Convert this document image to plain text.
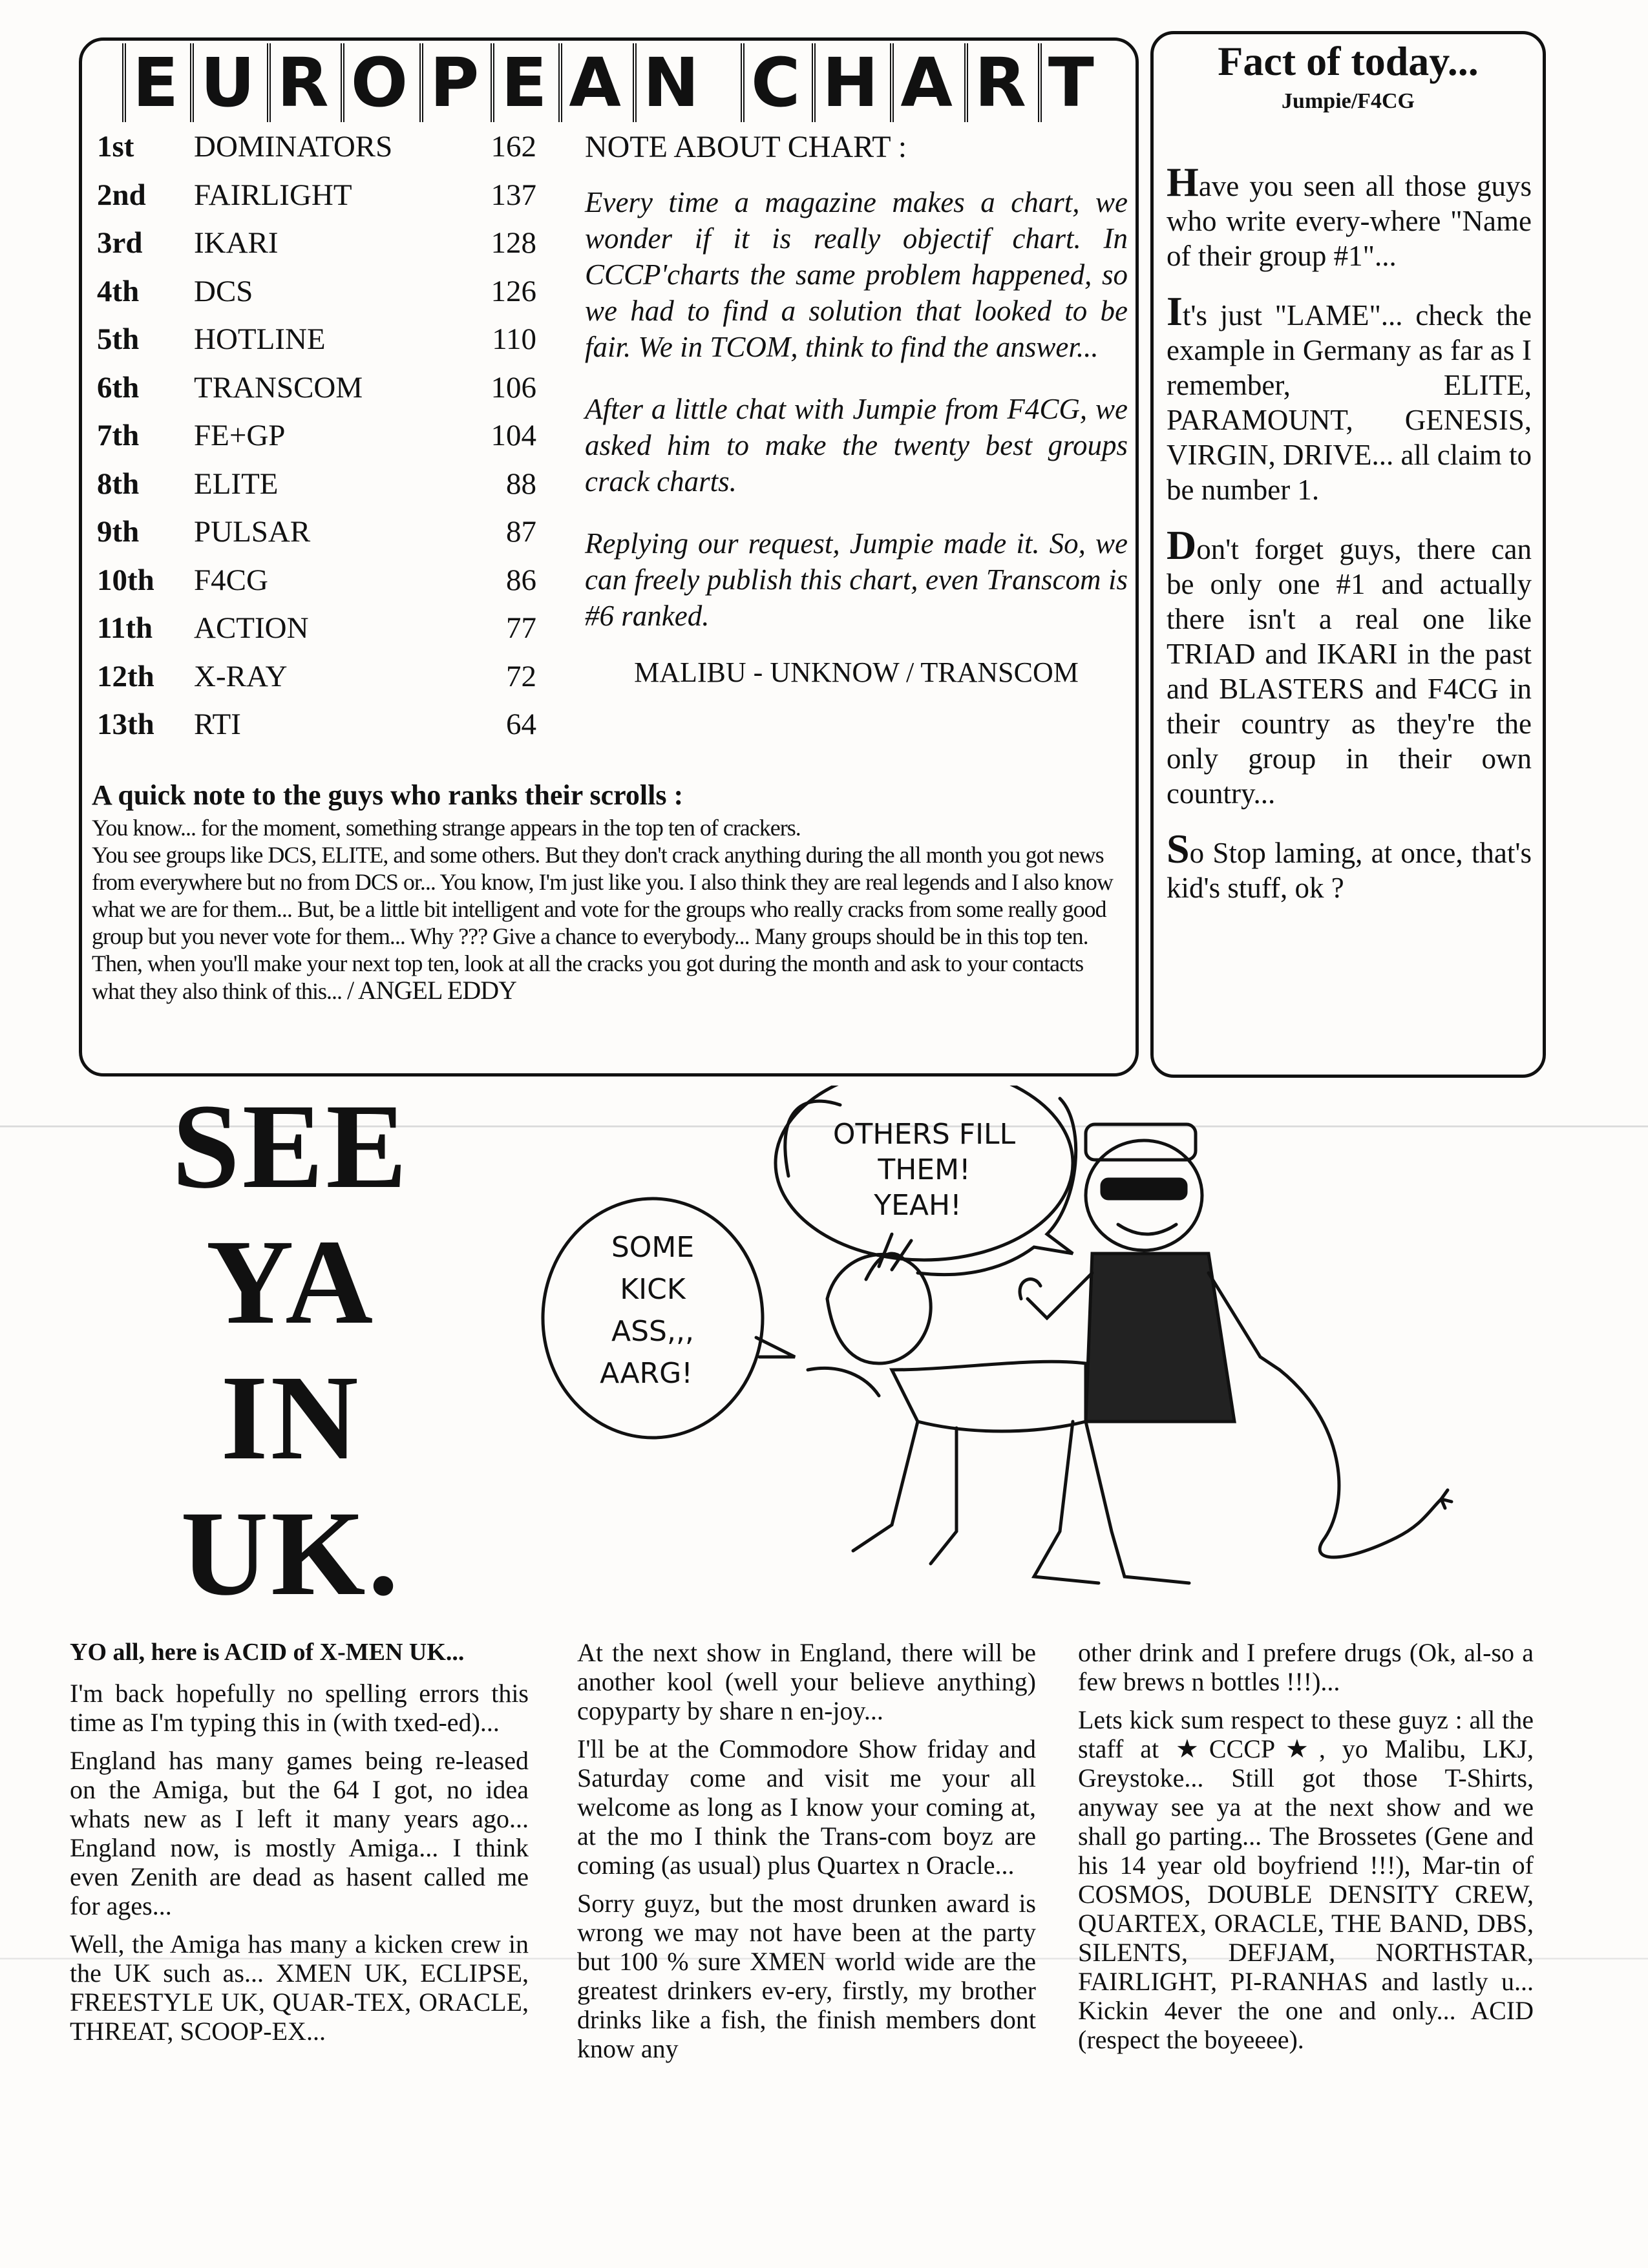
E U R O P E A N C H A R T
1st	DOMINATORS	162
2nd	FAIRLIGHT	137
3rd	IKARI	128
4th	DCS	126
5th	HOTLINE	110
6th	TRANSCOM	106
7th	FE+GP	104
8th	ELITE	88
9th	PULSAR	87
10th	F4CG	86
11th	ACTION	77
12th	X-RAY	72
13th	RTI	64
NOTE ABOUT CHART :

Every time a magazine makes a chart, we wonder if it is really objectif chart. In CCCP'charts the same problem happened, so we had to find a solution that looked to be fair. We in TCOM, think to find the answer...

After a little chat with Jumpie from F4CG, we asked him to make the twenty best groups crack charts.

Replying our request, Jumpie made it. So, we can freely publish this chart, even Transcom is #6 ranked.

MALIBU - UNKNOW / TRANSCOM
A quick note to the guys who ranks their scrolls :

You know... for the moment, something strange appears in the top ten of crackers.

You see groups like DCS, ELITE, and some others. But they don't crack anything during the all month you got news from everywhere but no from DCS or... You know, I'm just like you. I also think they are real legends and I also know what we are for them... But, be a little bit intelligent and vote for the groups who really cracks from some really good group but you never vote for them... Why ??? Give a chance to everybody... Many groups should be in this top ten.

Then, when you'll make your next top ten, look at all the cracks you got during the month and ask to your contacts what they also think of this... / ANGEL EDDY

Fact of today...
Jumpie/F4CG

Have you seen all those guys who write every-where "Name of their group #1"...

It's just "LAME"... check the example in Germany as far as I remember, ELITE, PARAMOUNT, GENESIS, VIRGIN, DRIVE... all claim to be number 1.

Don't forget guys, there can be only one #1 and actually there isn't a real one like TRIAD and IKARI in the past and BLASTERS and F4CG in their country as they're the only group in their own country...

So Stop laming, at once, that's kid's stuff, ok ?

SEE
YA
IN
UK.
OTHERS FILL
THEM!
YEAH!
SOME
KICK
ASS,,,
AARG!

YO all, here is ACID of X-MEN UK...

I'm back hopefully no spelling errors this time as I'm typing this in (with txed-ed)...

England has many games being re-leased on the Amiga, but the 64 I got, no idea whats new as I left it many years ago... England now, is mostly Amiga... I think even Zenith are dead as hasent called me for ages...

Well, the Amiga has many a kicken crew in the UK such as... XMEN UK, ECLIPSE, FREESTYLE UK, QUAR-TEX, ORACLE, THREAT, SCOOP-EX...

At the next show in England, there will be another kool (well your believe anything) copyparty by share n en-joy...

I'll be at the Commodore Show friday and Saturday come and visit me your all welcome as long as I know your coming at, at the mo I think the Trans-com boyz are coming (as usual) plus Quartex n Oracle...

Sorry guyz, but the most drunken award is wrong we may not have been at the party but 100 % sure XMEN world wide are the greatest drinkers ev-ery, firstly, my brother drinks like a fish, the finish members dont know any

other drink and I prefere drugs (Ok, al-so a few brews n bottles !!!)...

Lets kick sum respect to these guyz : all the staff at ★CCCP★, yo Malibu, LKJ, Greystoke... Still got those T-Shirts, anyway see ya at the next show and we shall go parting... The Brossetes (Gene and his 14 year old boyfriend !!!), Mar-tin of COSMOS, DOUBLE DENSITY CREW, QUARTEX, ORACLE, THE BAND, DBS, SILENTS, DEFJAM, NORTHSTAR, FAIRLIGHT, PI-RANHAS and lastly u... Kickin 4ever the one and only... ACID (respect the boyeeee).
